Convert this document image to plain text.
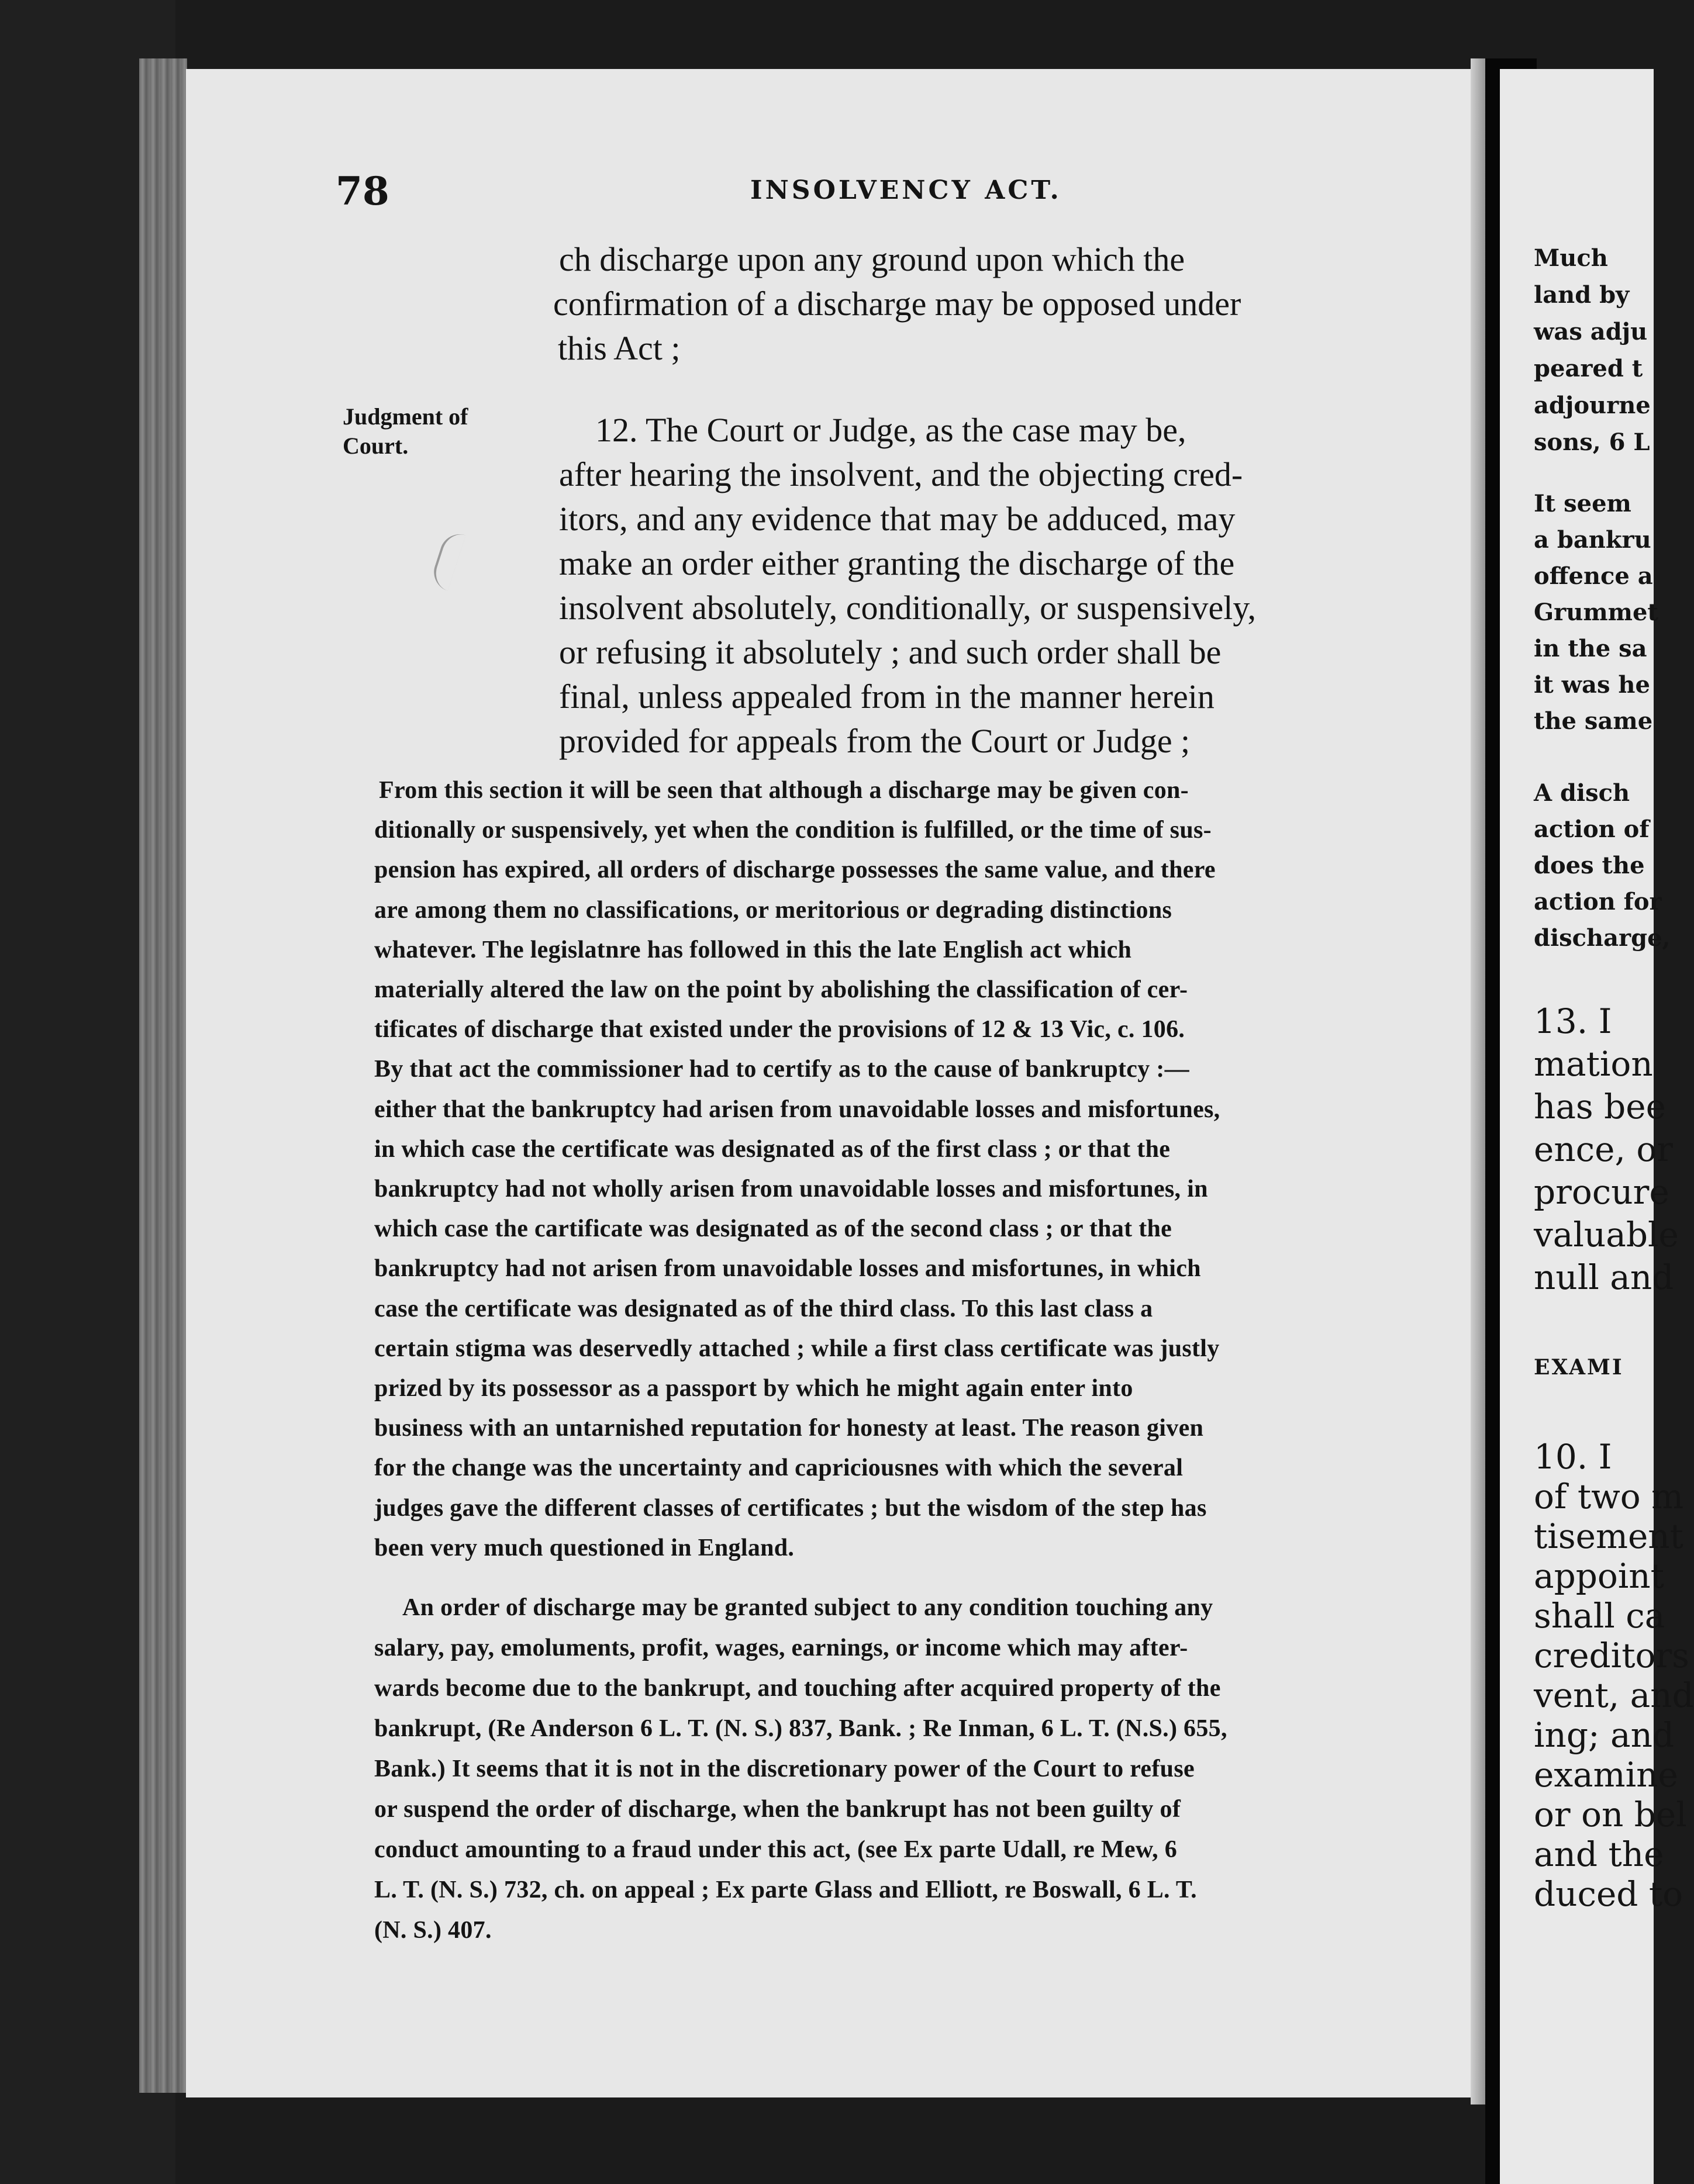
78	INSOLVENCY ACT.
Judgment of
Court.
ch discharge upon any ground upon which the
confirmation of a discharge may be opposed under
this Act ;
12. The Court or Judge, as the case may be,
after hearing the insolvent, and the objecting cred-
itors, and any evidence that may be adduced, may
make an order either granting the discharge of the
insolvent absolutely, conditionally, or suspensively,
or refusing it absolutely ; and such order shall be
final, unless appealed from in the manner herein
provided for appeals from the Court or Judge ;
From this section it will be seen that although a discharge may be given con-
ditionally or suspensively, yet when the condition is fulfilled, or the time of sus-
pension has expired, all orders of discharge possesses the same value, and there
are among them no classifications, or meritorious or degrading distinctions
whatever. The legislatnre has followed in this the late English act which
materially altered the law on the point by abolishing the classification of cer-
tificates of discharge that existed under the provisions of 12 & 13 Vic, c. 106.
By that act the commissioner had to certify as to the cause of bankruptcy :—
either that the bankruptcy had arisen from unavoidable losses and misfortunes,
in which case the certificate was designated as of the first class ; or that the
bankruptcy had not wholly arisen from unavoidable losses and misfortunes, in
which case the cartificate was designated as of the second class ; or that the
bankruptcy had not arisen from unavoidable losses and misfortunes, in which
case the certificate was designated as of the third class. To this last class a
certain stigma was deservedly attached ; while a first class certificate was justly
prized by its possessor as a passport by which he might again enter into
business with an untarnished reputation for honesty at least. The reason given
for the change was the uncertainty and capriciousnes with which the several
judges gave the different classes of certificates ; but the wisdom of the step has
been very much questioned in England.
An order of discharge may be granted subject to any condition touching any
salary, pay, emoluments, profit, wages, earnings, or income which may after-
wards become due to the bankrupt, and touching after acquired property of the
bankrupt, (Re Anderson 6 L. T. (N. S.) 837, Bank. ; Re Inman, 6 L. T. (N.S.) 655,
Bank.) It seems that it is not in the discretionary power of the Court to refuse
or suspend the order of discharge, when the bankrupt has not been guilty of
conduct amounting to a fraud under this act, (see Ex parte Udall, re Mew, 6
L. T. (N. S.) 732, ch. on appeal ; Ex parte Glass and Elliott, re Boswall, 6 L. T.
(N. S.) 407.
Much
land by
was adju
peared t
adjourne
sons, 6 L
It seem
a bankru
offence a
Grummet
in the sa
it was he
the same
A disch
action of
does the
action for
discharge,
13. I
mation
has bee
ence, or
procure
valuable
null and
EXAMI
10. I
of two m
tisement
appoint
shall ca
creditors
vent, and
ing; and
examine
or on bel
and the
duced to
